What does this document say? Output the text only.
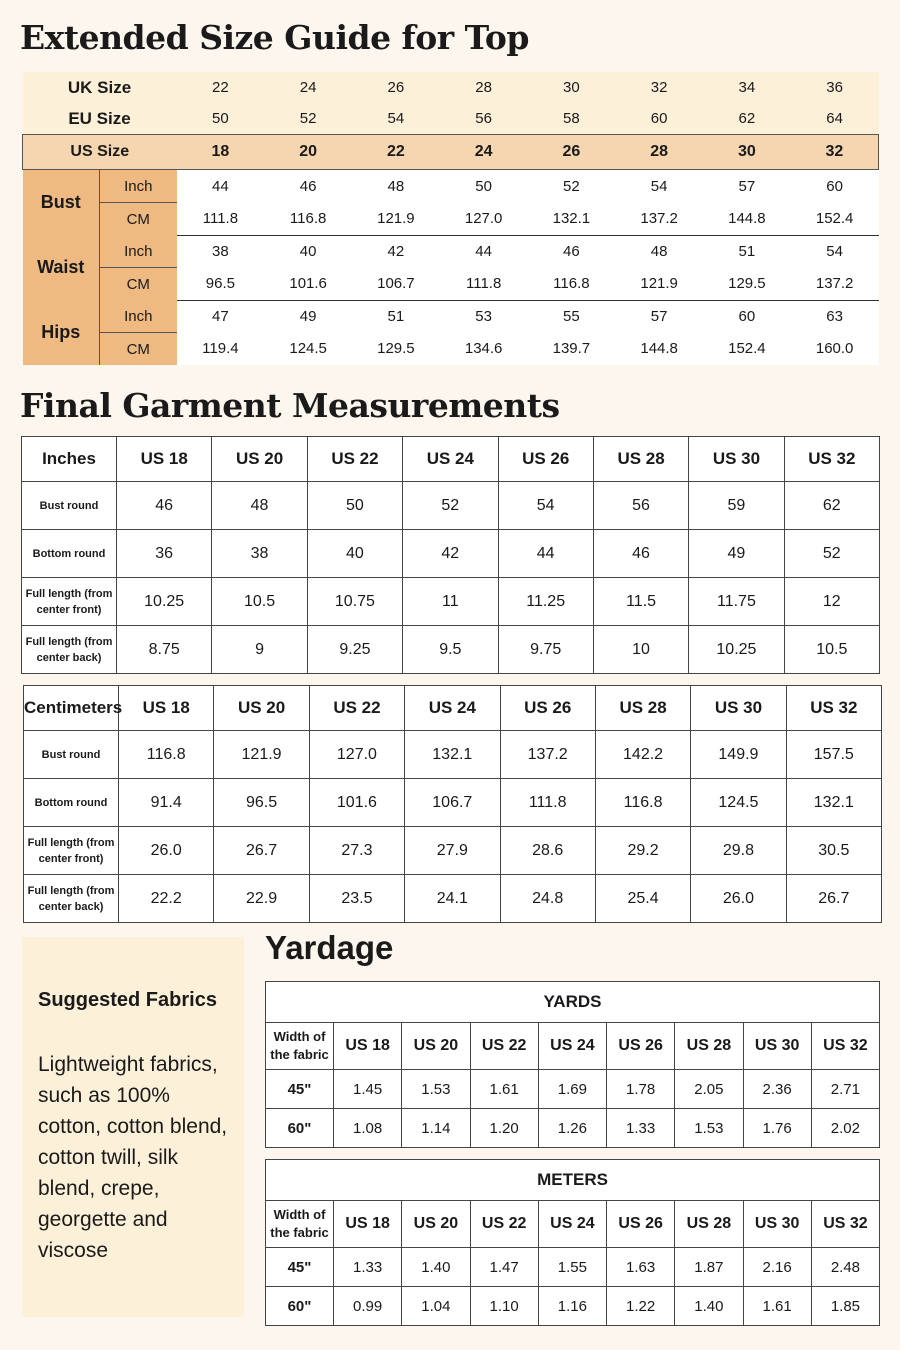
Extended Size Guide for Top
UK Size		22	24	26	28	30	32	34	36
EU Size		50	52	54	56	58	60	62	64
US Size		18	20	22	24	26	28	30	32
Bust	Inch	44	46	48	50	52	54	57	60
	CM	111.8	116.8	121.9	127.0	132.1	137.2	144.8	152.4
Waist	Inch	38	40	42	44	46	48	51	54
	CM	96.5	101.6	106.7	111.8	116.8	121.9	129.5	137.2
Hips	Inch	47	49	51	53	55	57	60	63
	CM	119.4	124.5	129.5	134.6	139.7	144.8	152.4	160.0
Final Garment Measurements
Inches	US 18	US 20	US 22	US 24	US 26	US 28	US 30	US 32
Bust round	46	48	50	52	54	56	59	62
Bottom round	36	38	40	42	44	46	49	52
Full length (from center front)	10.25	10.5	10.75	11	11.25	11.5	11.75	12
Full length (from center back)	8.75	9	9.25	9.5	9.75	10	10.25	10.5
Centimeters	US 18	US 20	US 22	US 24	US 26	US 28	US 30	US 32
Bust round	116.8	121.9	127.0	132.1	137.2	142.2	149.9	157.5
Bottom round	91.4	96.5	101.6	106.7	111.8	116.8	124.5	132.1
Full length (from center front)	26.0	26.7	27.3	27.9	28.6	29.2	29.8	30.5
Full length (from center back)	22.2	22.9	23.5	24.1	24.8	25.4	26.0	26.7
Suggested Fabrics
Lightweight fabrics, such as 100% cotton, cotton blend, cotton twill, silk blend, crepe, georgette and viscose
Yardage
YARDS								
Width of the fabric	US 18	US 20	US 22	US 24	US 26	US 28	US 30	US 32
45"	1.45	1.53	1.61	1.69	1.78	2.05	2.36	2.71
60"	1.08	1.14	1.20	1.26	1.33	1.53	1.76	2.02
METERS								
Width of the fabric	US 18	US 20	US 22	US 24	US 26	US 28	US 30	US 32
45"	1.33	1.40	1.47	1.55	1.63	1.87	2.16	2.48
60"	0.99	1.04	1.10	1.16	1.22	1.40	1.61	1.85
